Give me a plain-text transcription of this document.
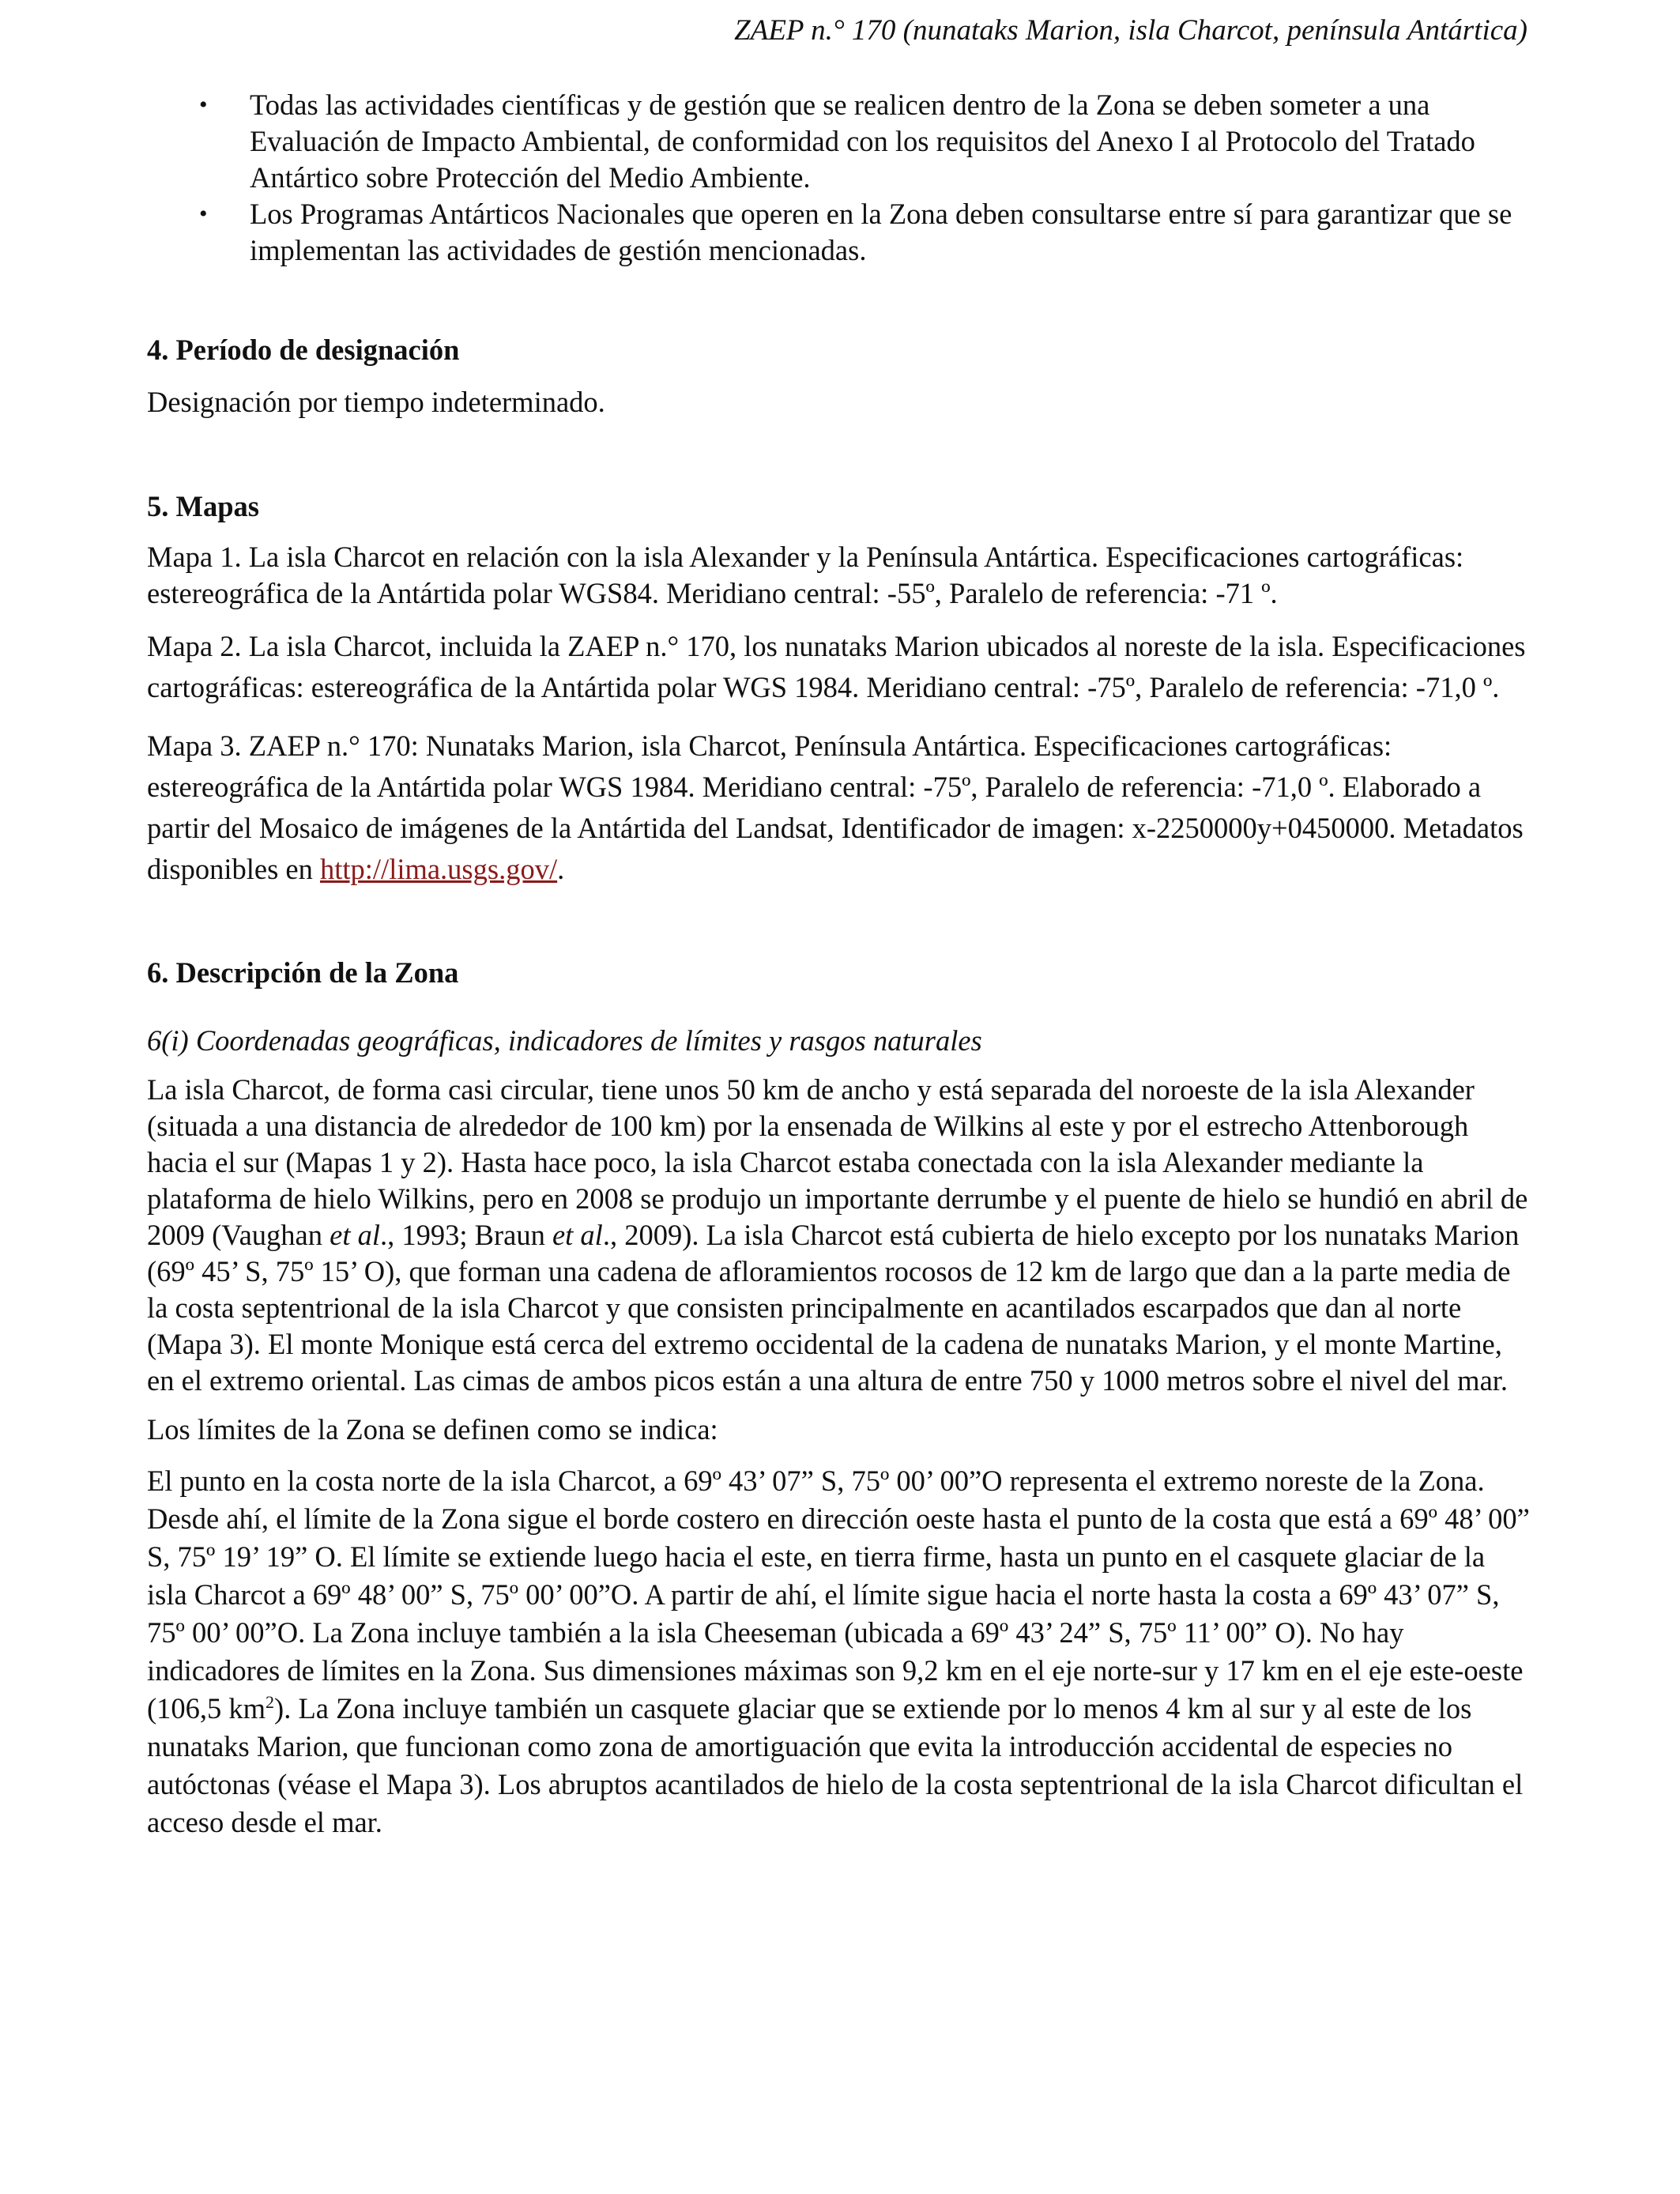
ZAEP n.° 170 (nunataks Marion, isla Charcot, península Antártica)
• Todas las actividades científicas y de gestión que se realicen dentro de la Zona se deben someter a una Evaluación de Impacto Ambiental, de conformidad con los requisitos del Anexo I al Protocolo del Tratado Antártico sobre Protección del Medio Ambiente.
• Los Programas Antárticos Nacionales que operen en la Zona deben consultarse entre sí para garantizar que se implementan las actividades de gestión mencionadas.
4. Período de designación

Designación por tiempo indeterminado.

5. Mapas

Mapa 1. La isla Charcot en relación con la isla Alexander y la Península Antártica. Especificaciones cartográficas: estereográfica de la Antártida polar WGS84. Meridiano central: -55º, Paralelo de referencia: -71 º.

Mapa 2. La isla Charcot, incluida la ZAEP n.° 170, los nunataks Marion ubicados al noreste de la isla. Especificaciones cartográficas: estereográfica de la Antártida polar WGS 1984. Meridiano central: -75º, Paralelo de referencia: -71,0 º.

Mapa 3. ZAEP n.° 170: Nunataks Marion, isla Charcot, Península Antártica. Especificaciones cartográficas: estereográfica de la Antártida polar WGS 1984. Meridiano central: -75º, Paralelo de referencia: -71,0 º. Elaborado a partir del Mosaico de imágenes de la Antártida del Landsat, Identificador de imagen: x-2250000y+0450000. Metadatos disponibles en http://lima.usgs.gov/.

6. Descripción de la Zona
6(i) Coordenadas geográficas, indicadores de límites y rasgos naturales

La isla Charcot, de forma casi circular, tiene unos 50 km de ancho y está separada del noroeste de la isla Alexander (situada a una distancia de alrededor de 100 km) por la ensenada de Wilkins al este y por el estrecho Attenborough hacia el sur (Mapas 1 y 2). Hasta hace poco, la isla Charcot estaba conectada con la isla Alexander mediante la plataforma de hielo Wilkins, pero en 2008 se produjo un importante derrumbe y el puente de hielo se hundió en abril de 2009 (Vaughan et al., 1993; Braun et al., 2009). La isla Charcot está cubierta de hielo excepto por los nunataks Marion (69º 45’ S, 75º 15’ O), que forman una cadena de afloramientos rocosos de 12 km de largo que dan a la parte media de la costa septentrional de la isla Charcot y que consisten principalmente en acantilados escarpados que dan al norte (Mapa 3). El monte Monique está cerca del extremo occidental de la cadena de nunataks Marion, y el monte Martine, en el extremo oriental. Las cimas de ambos picos están a una altura de entre 750 y 1000 metros sobre el nivel del mar.

Los límites de la Zona se definen como se indica:

El punto en la costa norte de la isla Charcot, a 69º 43’ 07” S, 75º 00’ 00”O representa el extremo noreste de la Zona. Desde ahí, el límite de la Zona sigue el borde costero en dirección oeste hasta el punto de la costa que está a 69º 48’ 00” S, 75º 19’ 19” O. El límite se extiende luego hacia el este, en tierra firme, hasta un punto en el casquete glaciar de la isla Charcot a 69º 48’ 00” S, 75º 00’ 00”O. A partir de ahí, el límite sigue hacia el norte hasta la costa a 69º 43’ 07” S, 75º 00’ 00”O. La Zona incluye también a la isla Cheeseman (ubicada a 69º 43’ 24” S, 75º 11’ 00” O). No hay indicadores de límites en la Zona. Sus dimensiones máximas son 9,2 km en el eje norte-sur y 17 km en el eje este-oeste (106,5 $km^2$). La Zona incluye también un casquete glaciar que se extiende por lo menos 4 km al sur y al este de los nunataks Marion, que funcionan como zona de amortiguación que evita la introducción accidental de especies no autóctonas (véase el Mapa 3). Los abruptos acantilados de hielo de la costa septentrional de la isla Charcot dificultan el acceso desde el mar.
